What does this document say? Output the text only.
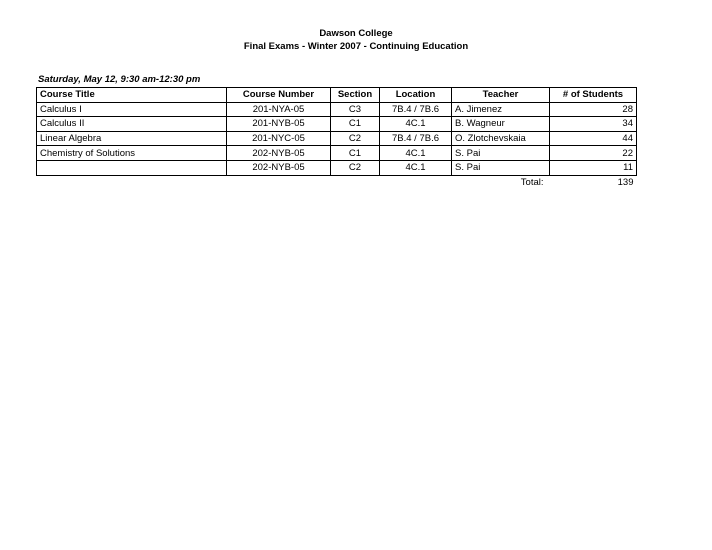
Dawson College
Final Exams - Winter 2007 - Continuing Education
Saturday, May 12, 9:30 am-12:30 pm
Course Title	Course Number	Section	Location	Teacher	# of Students
Calculus I	201-NYA-05	C3	7B.4 / 7B.6	A. Jimenez	28
Calculus II	201-NYB-05	C1	4C.1	B. Wagneur	34
Linear Algebra	201-NYC-05	C2	7B.4 / 7B.6	O. Zlotchevskaia	44
Chemistry of Solutions	202-NYB-05	C1	4C.1	S. Pai	22
	202-NYB-05	C2	4C.1	S. Pai	11
				Total:	139
